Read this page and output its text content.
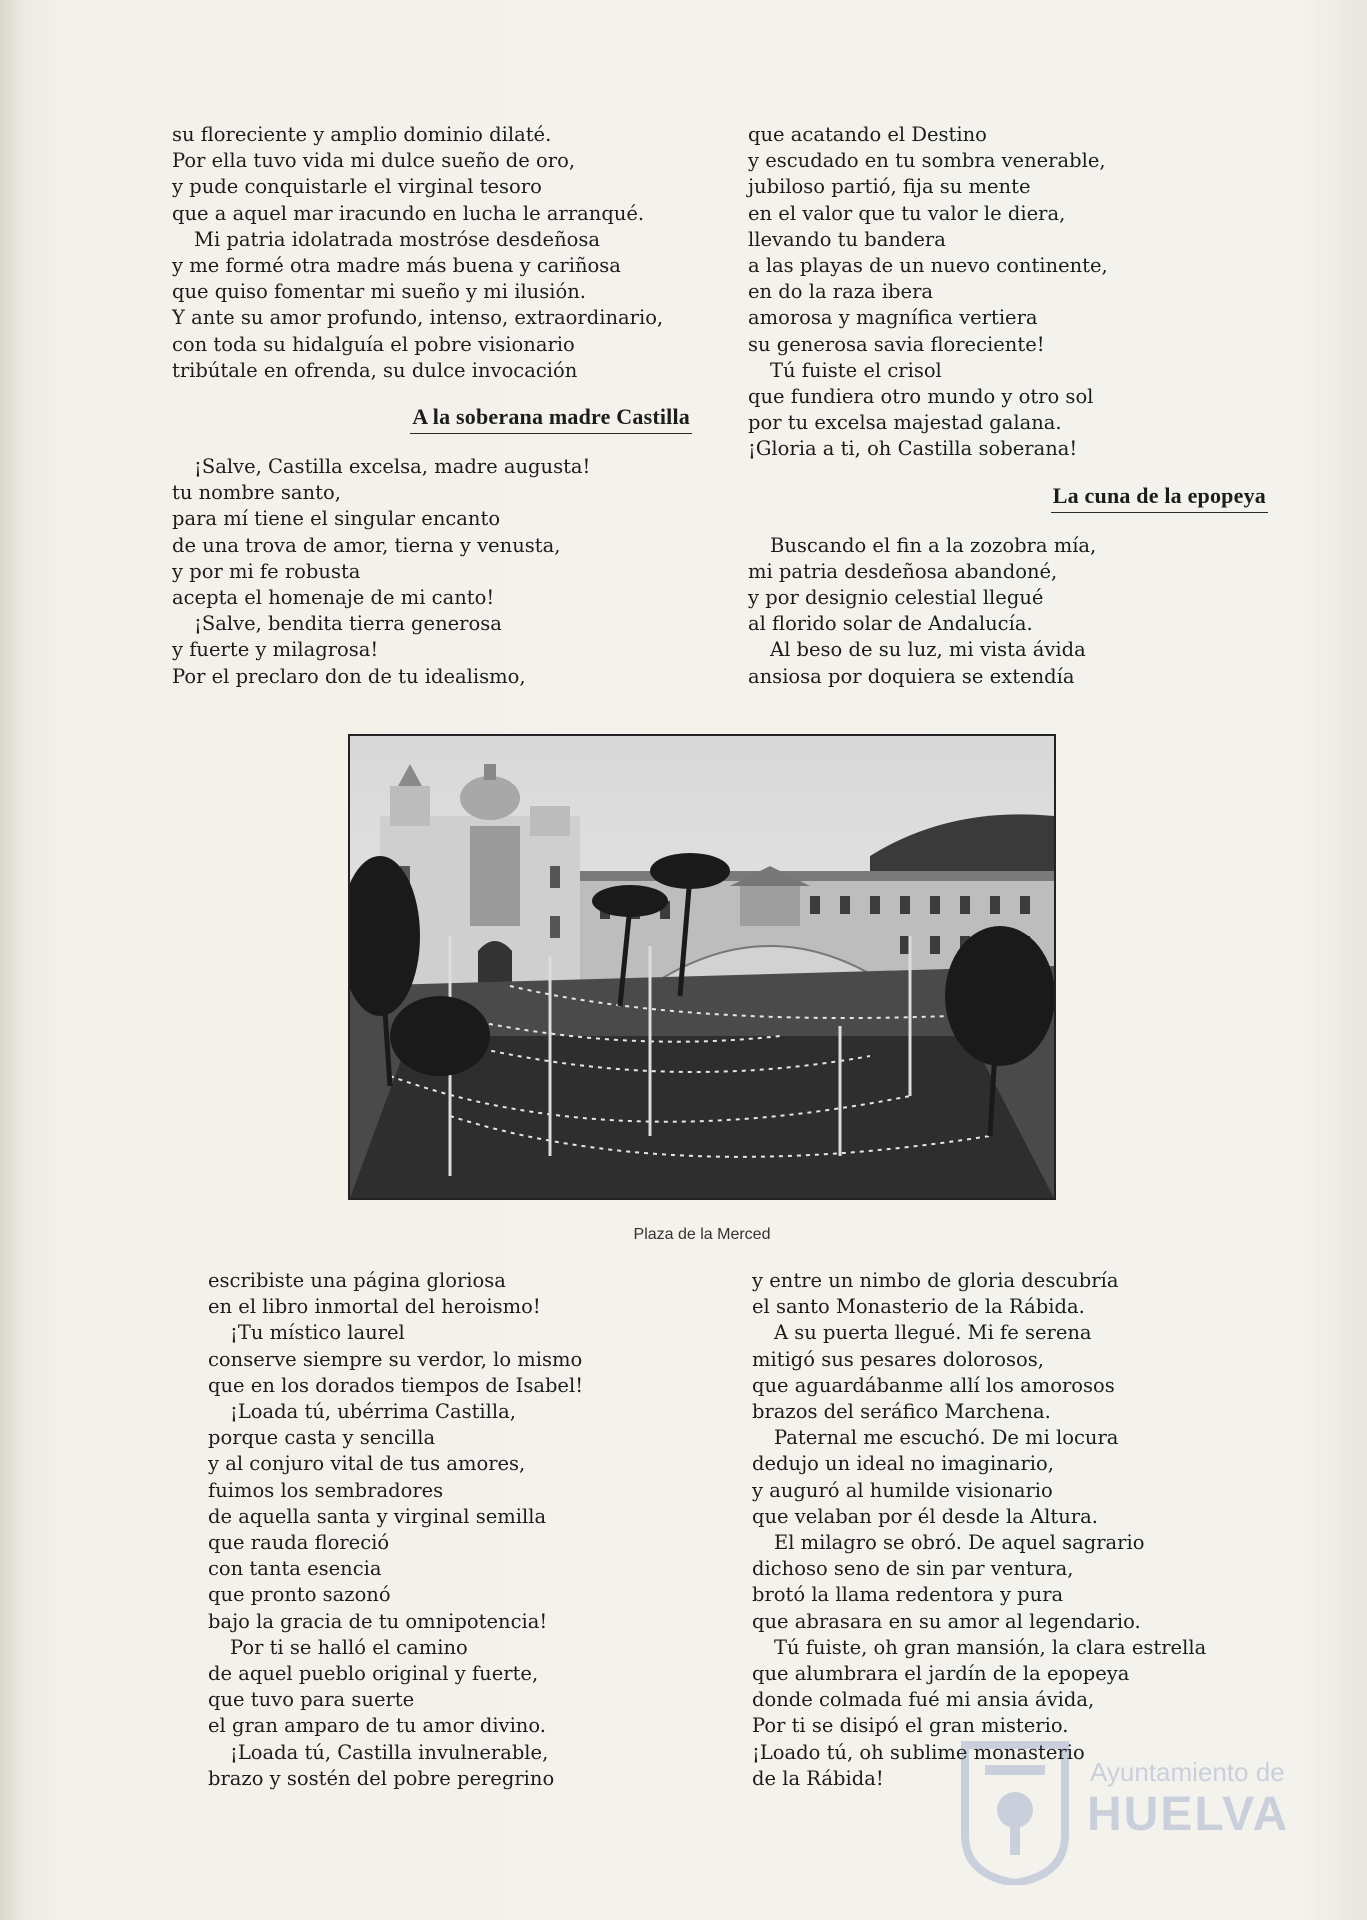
su floreciente y amplio dominio dilaté.
Por ella tuvo vida mi dulce sueño de oro,
y pude conquistarle el virginal tesoro
que a aquel mar iracundo en lucha le arranqué.
Mi patria idolatrada mostróse desdeñosa
y me formé otra madre más buena y cariñosa
que quiso fomentar mi sueño y mi ilusión.
Y ante su amor profundo, intenso, extraordinario,
con toda su hidalguía el pobre visionario
tribútale en ofrenda, su dulce invocación
A la soberana madre Castilla
¡Salve, Castilla excelsa, madre augusta!
tu nombre santo,
para mí tiene el singular encanto
de una trova de amor, tierna y venusta,
y por mi fe robusta
acepta el homenaje de mi canto!
¡Salve, bendita tierra generosa
y fuerte y milagrosa!
Por el preclaro don de tu idealismo,
que acatando el Destino
y escudado en tu sombra venerable,
jubiloso partió, fija su mente
en el valor que tu valor le diera,
llevando tu bandera
a las playas de un nuevo continente,
en do la raza ibera
amorosa y magnífica vertiera
su generosa savia floreciente!
Tú fuiste el crisol
que fundiera otro mundo y otro sol
por tu excelsa majestad galana.
¡Gloria a ti, oh Castilla soberana!
La cuna de la epopeya
Buscando el fin a la zozobra mía,
mi patria desdeñosa abandoné,
y por designio celestial llegué
al florido solar de Andalucía.
Al beso de su luz, mi vista ávida
ansiosa por doquiera se extendía
Plaza de la Merced
escribiste una página gloriosa
en el libro inmortal del heroismo!
¡Tu místico laurel
conserve siempre su verdor, lo mismo
que en los dorados tiempos de Isabel!
¡Loada tú, ubérrima Castilla,
porque casta y sencilla
y al conjuro vital de tus amores,
fuimos los sembradores
de aquella santa y virginal semilla
que rauda floreció
con tanta esencia
que pronto sazonó
bajo la gracia de tu omnipotencia!
Por ti se halló el camino
de aquel pueblo original y fuerte,
que tuvo para suerte
el gran amparo de tu amor divino.
¡Loada tú, Castilla invulnerable,
brazo y sostén del pobre peregrino
y entre un nimbo de gloria descubría
el santo Monasterio de la Rábida.
A su puerta llegué. Mi fe serena
mitigó sus pesares dolorosos,
que aguardábanme allí los amorosos
brazos del seráfico Marchena.
Paternal me escuchó. De mi locura
dedujo un ideal no imaginario,
y auguró al humilde visionario
que velaban por él desde la Altura.
El milagro se obró. De aquel sagrario
dichoso seno de sin par ventura,
brotó la llama redentora y pura
que abrasara en su amor al legendario.
Tú fuiste, oh gran mansión, la clara estrella
que alumbrara el jardín de la epopeya
donde colmada fué mi ansia ávida,
Por ti se disipó el gran misterio.
¡Loado tú, oh sublime monasterio
de la Rábida!	Ayuntamiento de
HUELVA
